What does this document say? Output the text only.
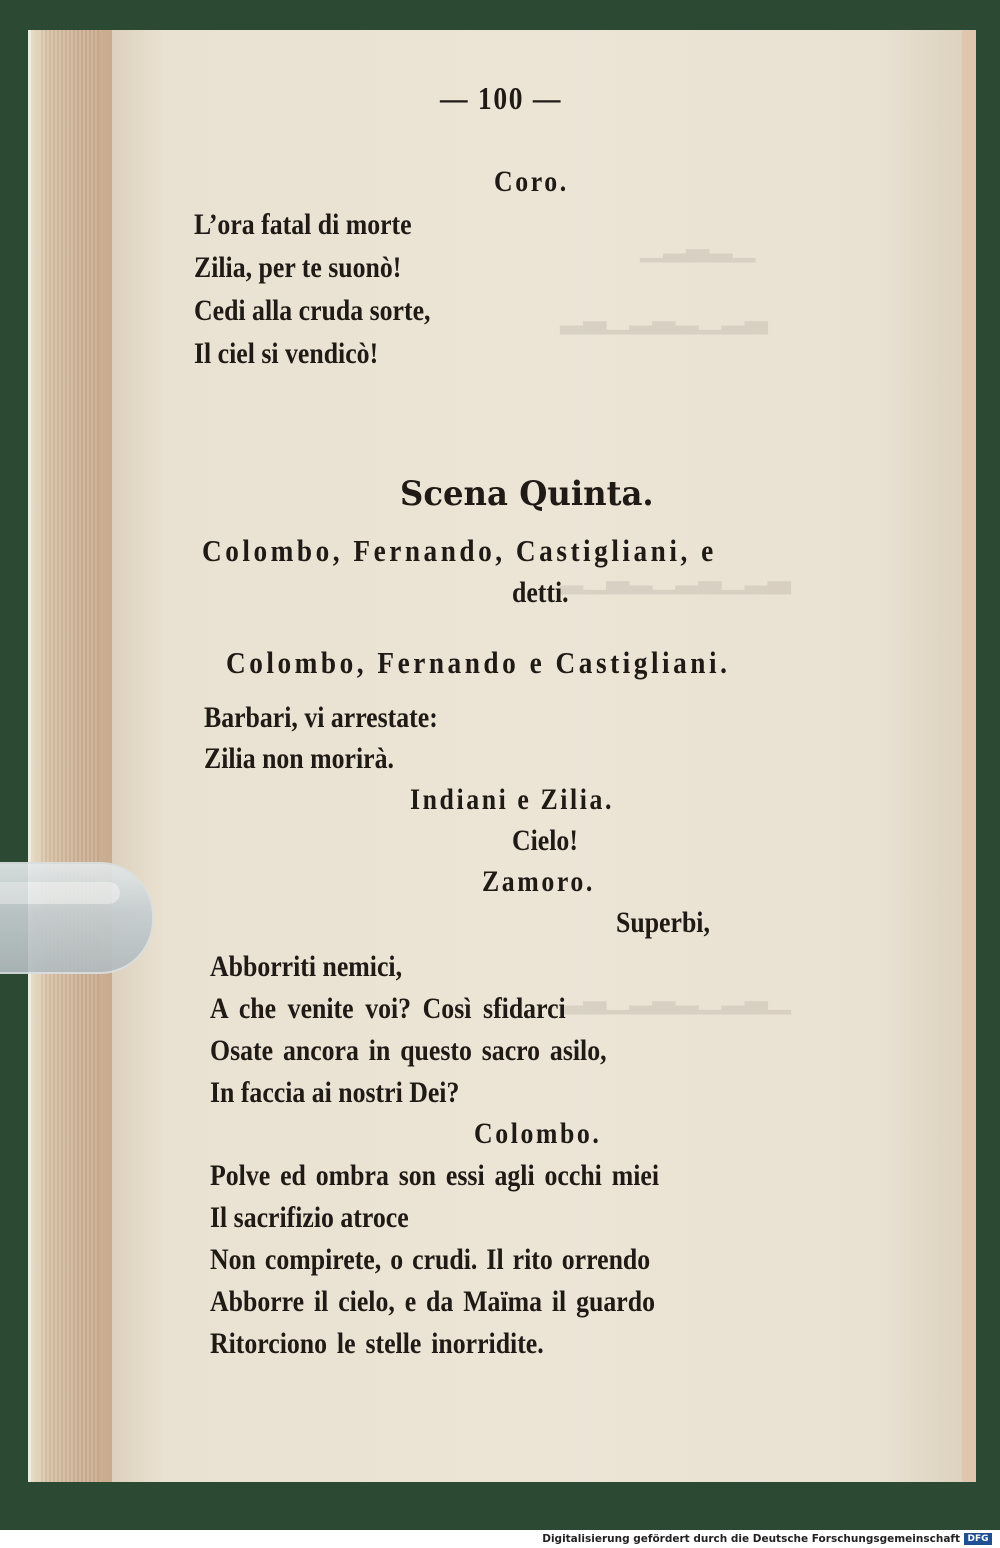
▁▂▃▂▁
▂▃▁▂▃▂▁▂▃
▂▁▃▂▁▂▃▁▂▃
▂▃▁▂▃▂▁▂▃▁
— 100 —
Coro.
L’ora fatal di morte
Zilia, per te suonò!
Cedi alla cruda sorte,
Il ciel si vendicò!
Scena Quinta.
Colombo, Fernando, Castigliani, e
detti.
Colombo, Fernando e Castigliani.
Barbari, vi arrestate:
Zilia non morirà.
Indiani e Zilia.
Cielo!
Zamoro.
Superbi,
Abborriti nemici,
A che venite voi? Così sfidarci
Osate ancora in questo sacro asilo,
In faccia ai nostri Dei?
Colombo.
Polve ed ombra son essi agli occhi miei
Il sacrifizio atroce
Non compirete, o crudi. Il rito orrendo
Abborre il cielo, e da Maïma il guardo
Ritorciono le stelle inorridite.
Digitalisierung gefördert durch die Deutsche Forschungsgemeinschaft DFG
